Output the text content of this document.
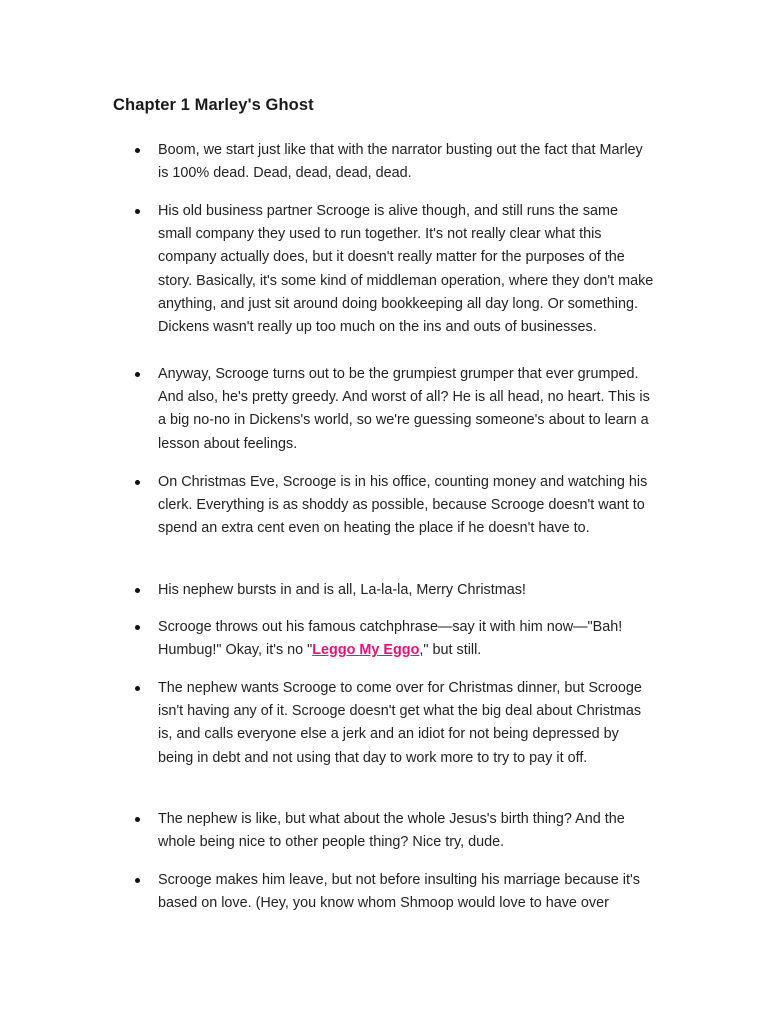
Chapter 1 Marley's Ghost
Boom, we start just like that with the narrator busting out the fact that Marley is 100% dead. Dead, dead, dead, dead.
His old business partner Scrooge is alive though, and still runs the same small company they used to run together. It's not really clear what this company actually does, but it doesn't really matter for the purposes of the story. Basically, it's some kind of middleman operation, where they don't make anything, and just sit around doing bookkeeping all day long. Or something. Dickens wasn't really up too much on the ins and outs of businesses.
Anyway, Scrooge turns out to be the grumpiest grumper that ever grumped. And also, he's pretty greedy. And worst of all? He is all head, no heart. This is a big no-no in Dickens's world, so we're guessing someone's about to learn a lesson about feelings.
On Christmas Eve, Scrooge is in his office, counting money and watching his clerk. Everything is as shoddy as possible, because Scrooge doesn't want to spend an extra cent even on heating the place if he doesn't have to.
His nephew bursts in and is all, La-la-la, Merry Christmas!
Scrooge throws out his famous catchphrase—say it with him now—"Bah! Humbug!" Okay, it's no "Leggo My Eggo," but still.
The nephew wants Scrooge to come over for Christmas dinner, but Scrooge isn't having any of it. Scrooge doesn't get what the big deal about Christmas is, and calls everyone else a jerk and an idiot for not being depressed by being in debt and not using that day to work more to try to pay it off.
The nephew is like, but what about the whole Jesus's birth thing? And the whole being nice to other people thing? Nice try, dude.
Scrooge makes him leave, but not before insulting his marriage because it's based on love. (Hey, you know whom Shmoop would love to have over
